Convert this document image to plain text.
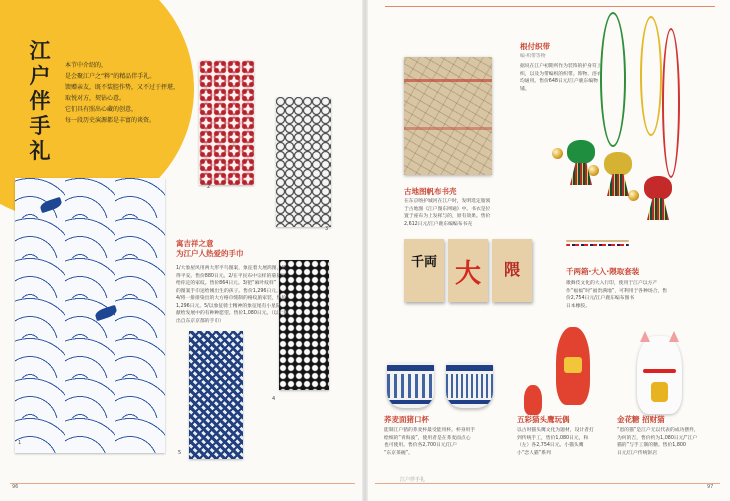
江
户
伴
手
礼
本节中介绍的，
是会聚江户之“粹”的精品伴手礼。
馈赠亲友，既不装腔作势，又不过于抨堪，
取悦对方，契钻心意。
它们具有照出心藏的创意，
每一段历史演源都是丰富的谈资。
1
2
3
4
5
寓吉祥之意
为江户人热爱的手巾
1/大象屋风用两大形平鸟图案，象征着大展鸿图，值
得平安。售价880日元。2/在平民布中宗样的菊花原
给你定的家纹。售价864日元。3/把“麻叶纹样”
的图案手巾送给刚出生的孩子。售价1,296日元。
4/将一排排染出的大方格巾缝制的格纹旅家装，售价
1,296日元。5/以象征骑士精神的象征尾有小星陆
献给发展中的有种种愿望。售价1,080日元。（以上都
出自东京京都的手巾）
96	97
江户伴手礼
根付织带
编·织带等物
据说在江户初期所作为装饰的护身符上
织，以及为带编织的织带。饰物、浴衣
均通用。售价648日元/江户鹿东编物
铺。
古地图帆布书壳
在东京喀护城河在江户时，发明选定脂领
于古地图《江户图东网通》中。书衣是位
置于座布为上发挥与的，原有效果。售价
2,612日元/江户鹿东编编布书壳
千両 大	隈	千两箱·大入·隈取套装
歌舞伎文化的大入行印，使用于江户以方产
作“福福”时“福贵满地”，可利用于各种场合，售
价2,754日元/江户鹿东编布图书
日本橡胶。
荞麦面猪口杯
能制江户猪的荞麦杯最受能用杯。杯身用手
绘细的“青海波”，使用者是在荞麦面点心
也可使用。售价各2,700日元/江户
“东京茶碗”。
五彩猫头鹰玩偶
以古时猫头鹰文化为题材，设计者打
到传统手工，售价1,080日元，和
（左）各2,754日元。小猫头鹰
小“恋人猫”系列
金花糖 招财猫
“恩的猫”是江户无以代表的成功摆件，
为何的吉，售价约为1,080日元/“江户
猫的”与手工制的糖。售价1,800
日元/江户传统饼店
